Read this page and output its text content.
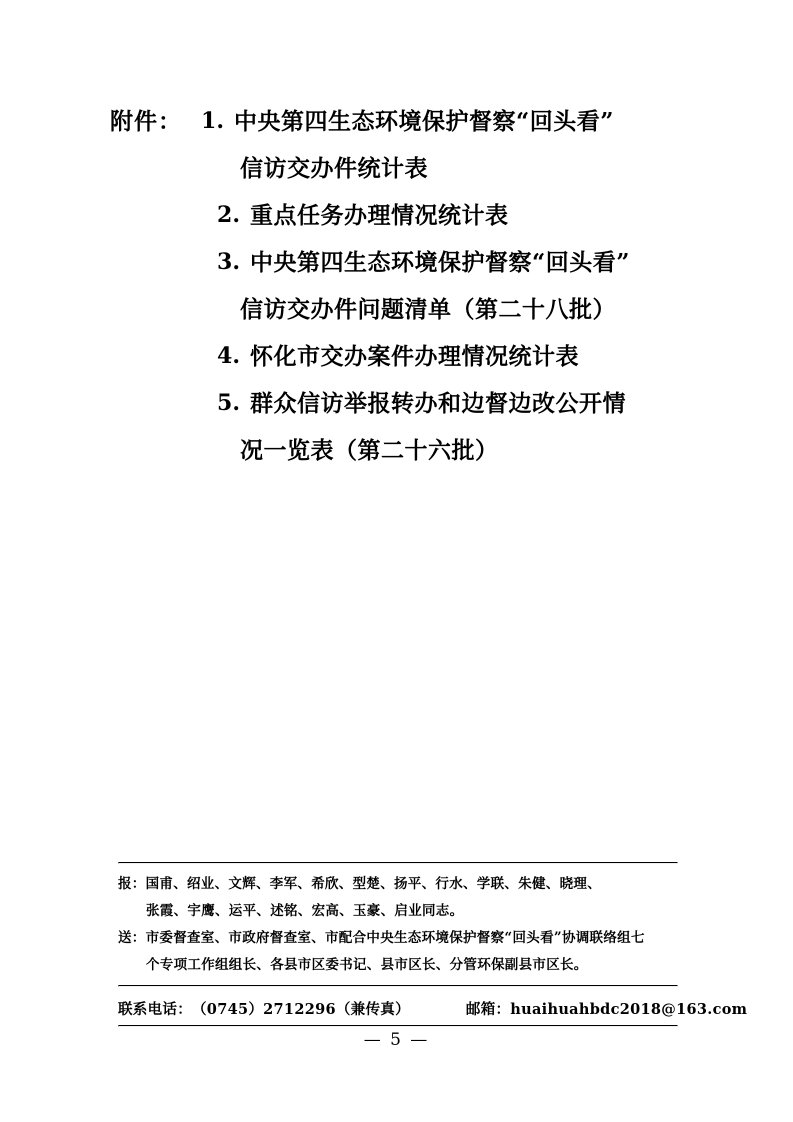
附件： 1. 中央第四生态环境保护督察“回头看”
信访交办件统计表
2. 重点任务办理情况统计表
3. 中央第四生态环境保护督察“回头看”
信访交办件问题清单（第二十八批）
4. 怀化市交办案件办理情况统计表
5. 群众信访举报转办和边督边改公开情
况一览表（第二十六批）
报： 国甫、绍业、文辉、李军、希欣、型楚、扬平、行水、学联、朱健、晓理、
张霞、宇鹰、运平、述铭、宏高、玉豪、启业同志。
送： 市委督查室、市政府督查室、市配合中央生态环境保护督察“回头看”协调联络组七
个专项工作组组长、各县市区委书记、县市区长、分管环保副县市区长。
联系电话： （0745）2712296（兼传真）	邮箱： huaihuahbdc2018@163.com
— 5 —
